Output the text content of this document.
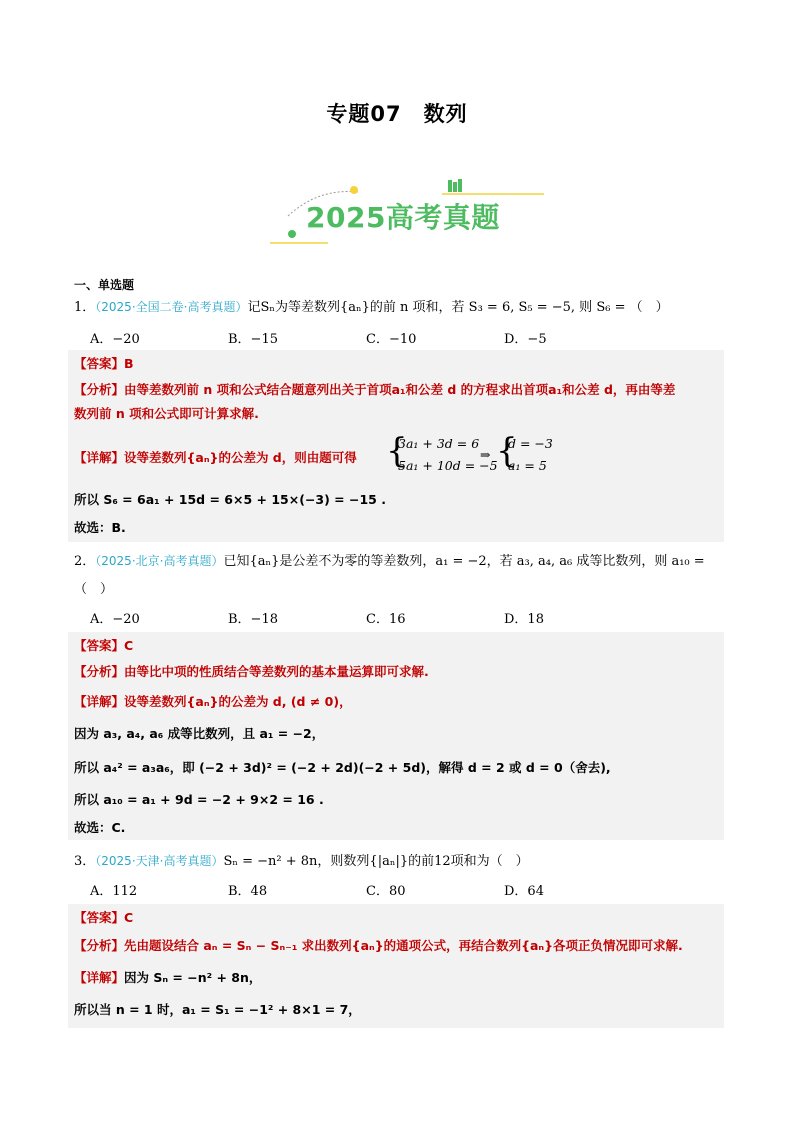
专题07　数列
2025高考真题
一、单选题
1．（2025·全国二卷·高考真题）记Sₙ为等差数列{aₙ}的前 n 项和，若 S₃ = 6, S₅ = −5, 则 S₆ = （　）
A．−20	B．−15	C．−10	D．−5
【答案】B
【分析】由等差数列前 n 项和公式结合题意列出关于首项a₁和公差 d 的方程求出首项a₁和公差 d，再由等差
数列前 n 项和公式即可计算求解.
【详解】设等差数列{aₙ}的公差为 d，则由题可得 {
3a₁ + 3d = 6
5a₁ + 10d = −5
⇒ {
d = −3
a₁ = 5
所以 S₆ = 6a₁ + 15d = 6×5 + 15×(−3) = −15 .
故选：B.
2．（2025·北京·高考真题）已知{aₙ}是公差不为零的等差数列，a₁ = −2，若 a₃, a₄, a₆ 成等比数列，则 a₁₀ =
（　）
A．−20	B．−18	C．16	D．18
【答案】C
【分析】由等比中项的性质结合等差数列的基本量运算即可求解.
【详解】设等差数列{aₙ}的公差为 d, (d ≠ 0)，
因为 a₃, a₄, a₆ 成等比数列，且 a₁ = −2，
所以 a₄² = a₃a₆，即 (−2 + 3d)² = (−2 + 2d)(−2 + 5d)，解得 d = 2 或 d = 0（舍去),
所以 a₁₀ = a₁ + 9d = −2 + 9×2 = 16 .
故选：C.
3．（2025·天津·高考真题）Sₙ = −n² + 8n，则数列{|aₙ|}的前12项和为（　）
A．112	B．48	C．80	D．64
【答案】C
【分析】先由题设结合 aₙ = Sₙ − Sₙ₋₁ 求出数列{aₙ}的通项公式，再结合数列{aₙ}各项正负情况即可求解.
【详解】因为 Sₙ = −n² + 8n，
所以当 n = 1 时，a₁ = S₁ = −1² + 8×1 = 7，
